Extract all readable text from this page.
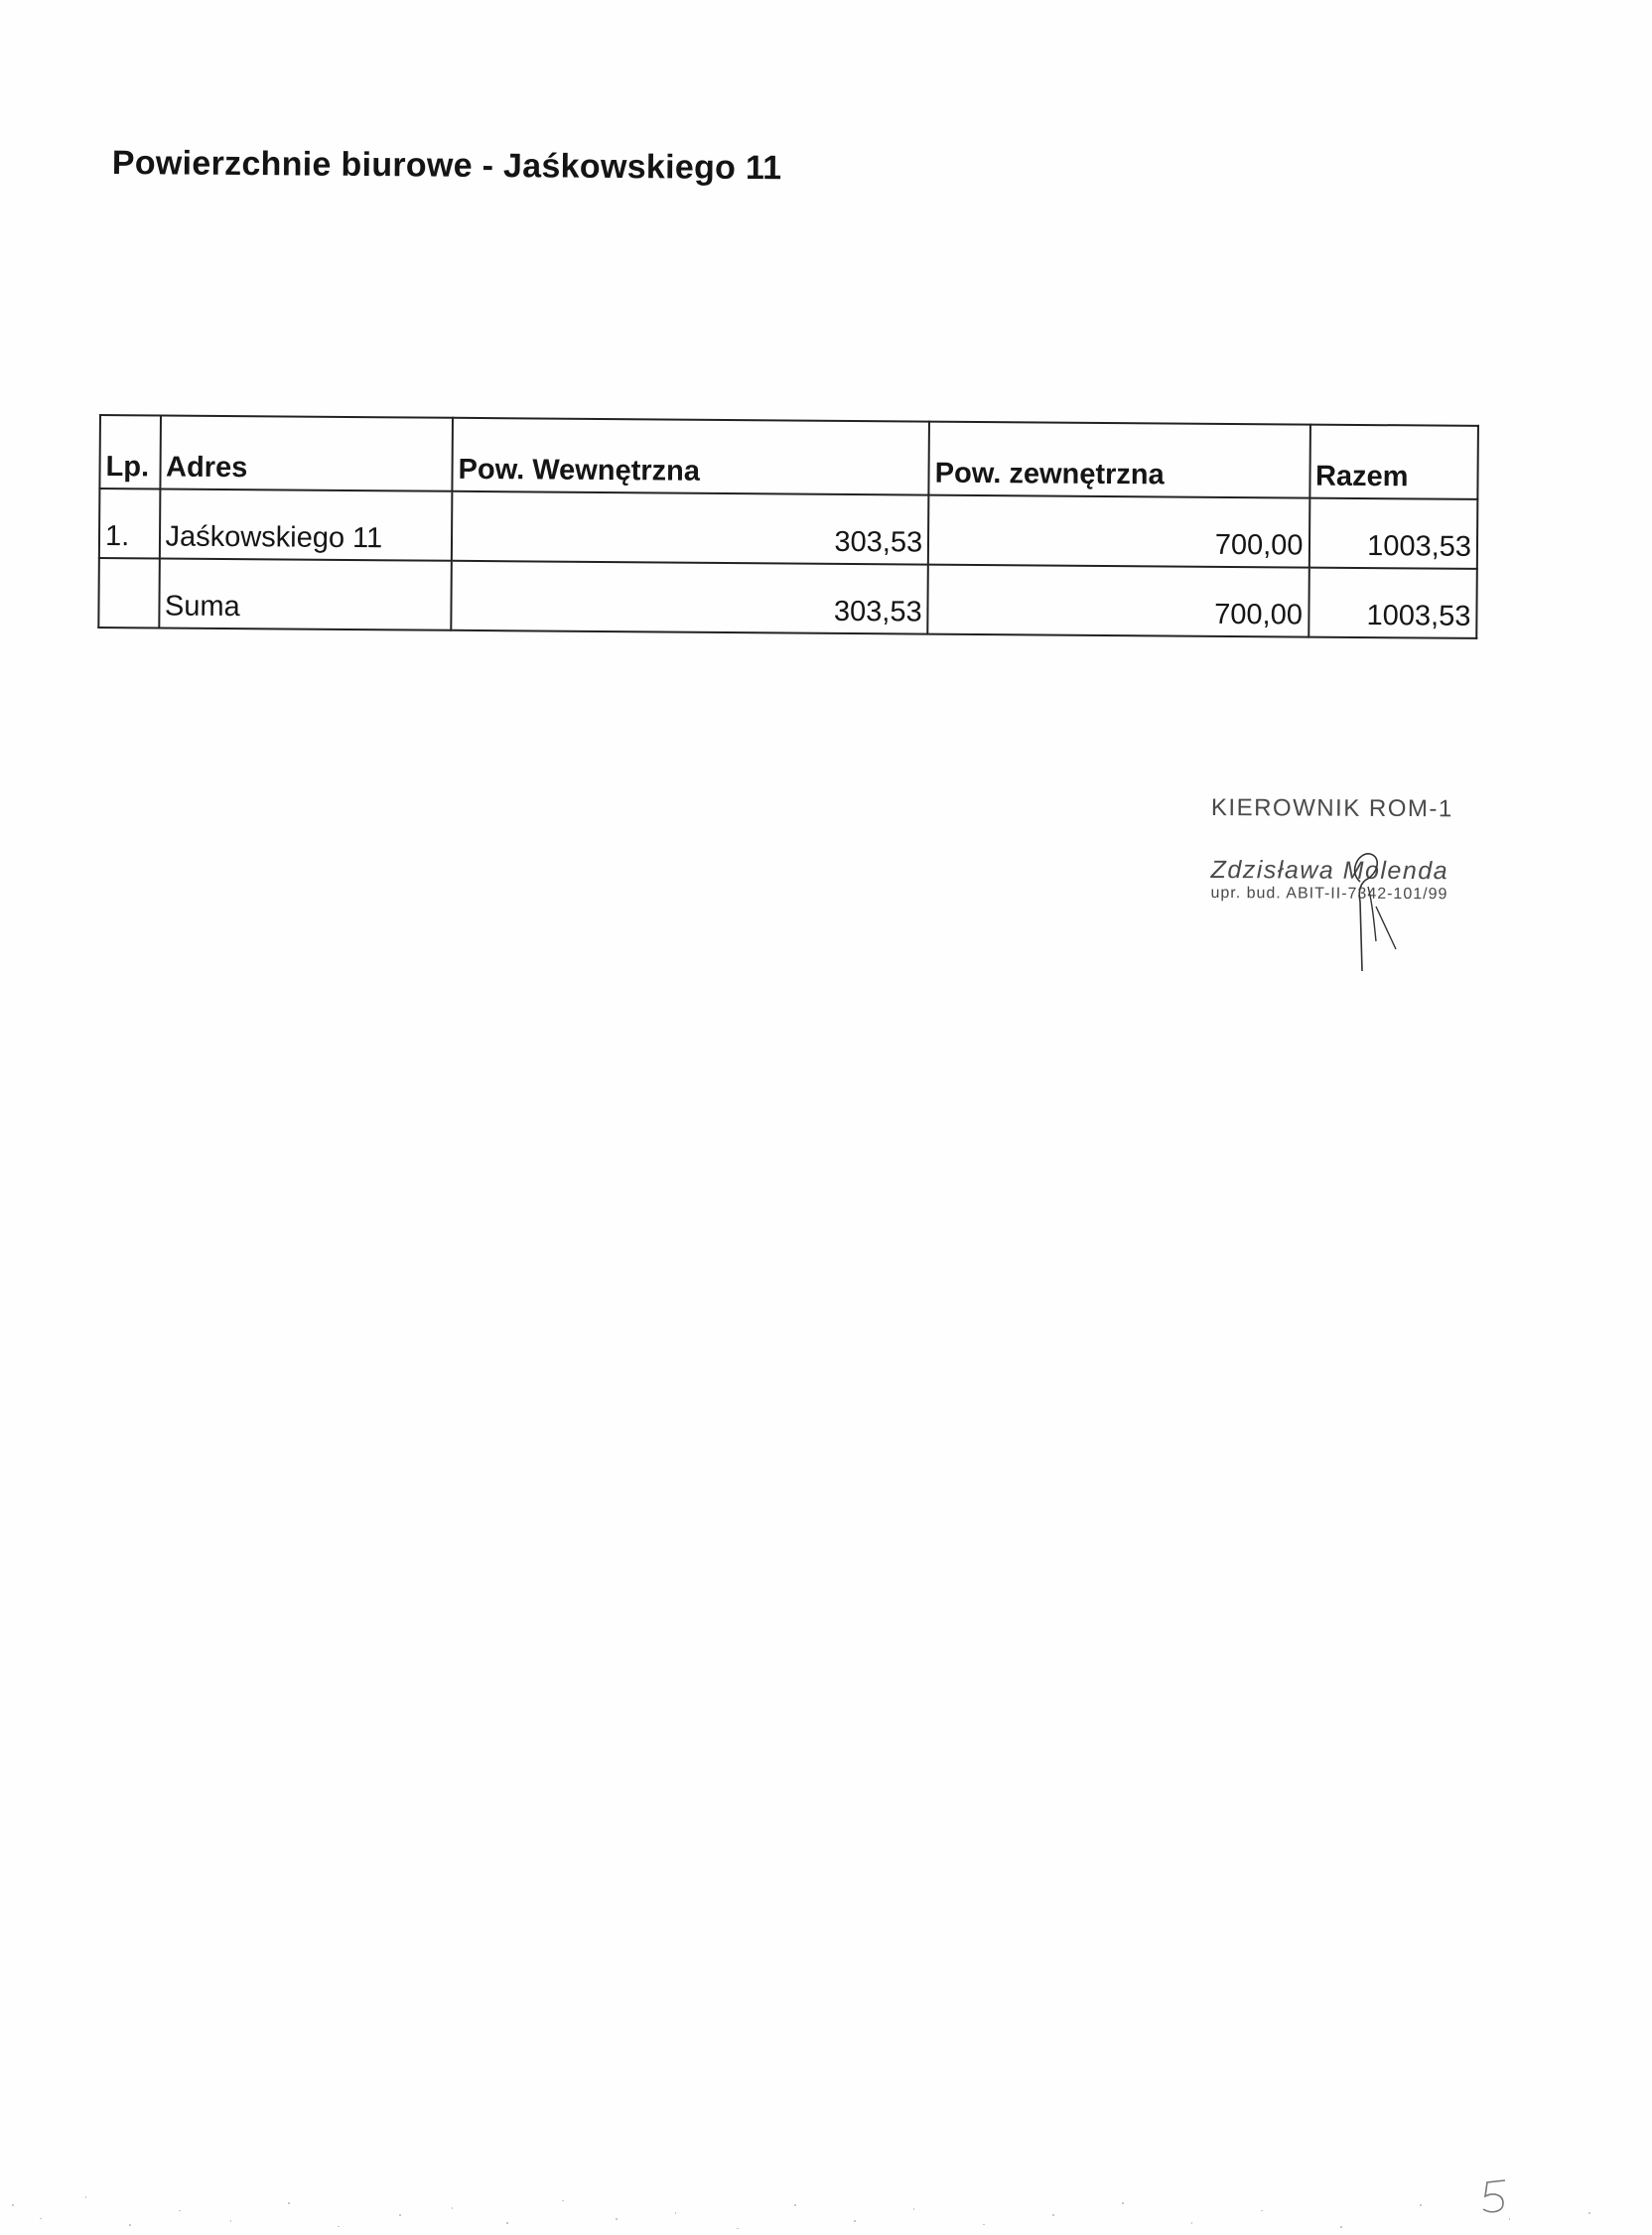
Powierzchnie biurowe - Jaśkowskiego 11
Lp.	Adres	Pow. Wewnętrzna	Pow. zewnętrzna	Razem
1.	Jaśkowskiego 11	303,53	700,00	1003,53
	Suma	303,53	700,00	1003,53
KIEROWNIK ROM-1
Zdzisława Molenda
upr. bud. ABIT-II-7342-101/99
